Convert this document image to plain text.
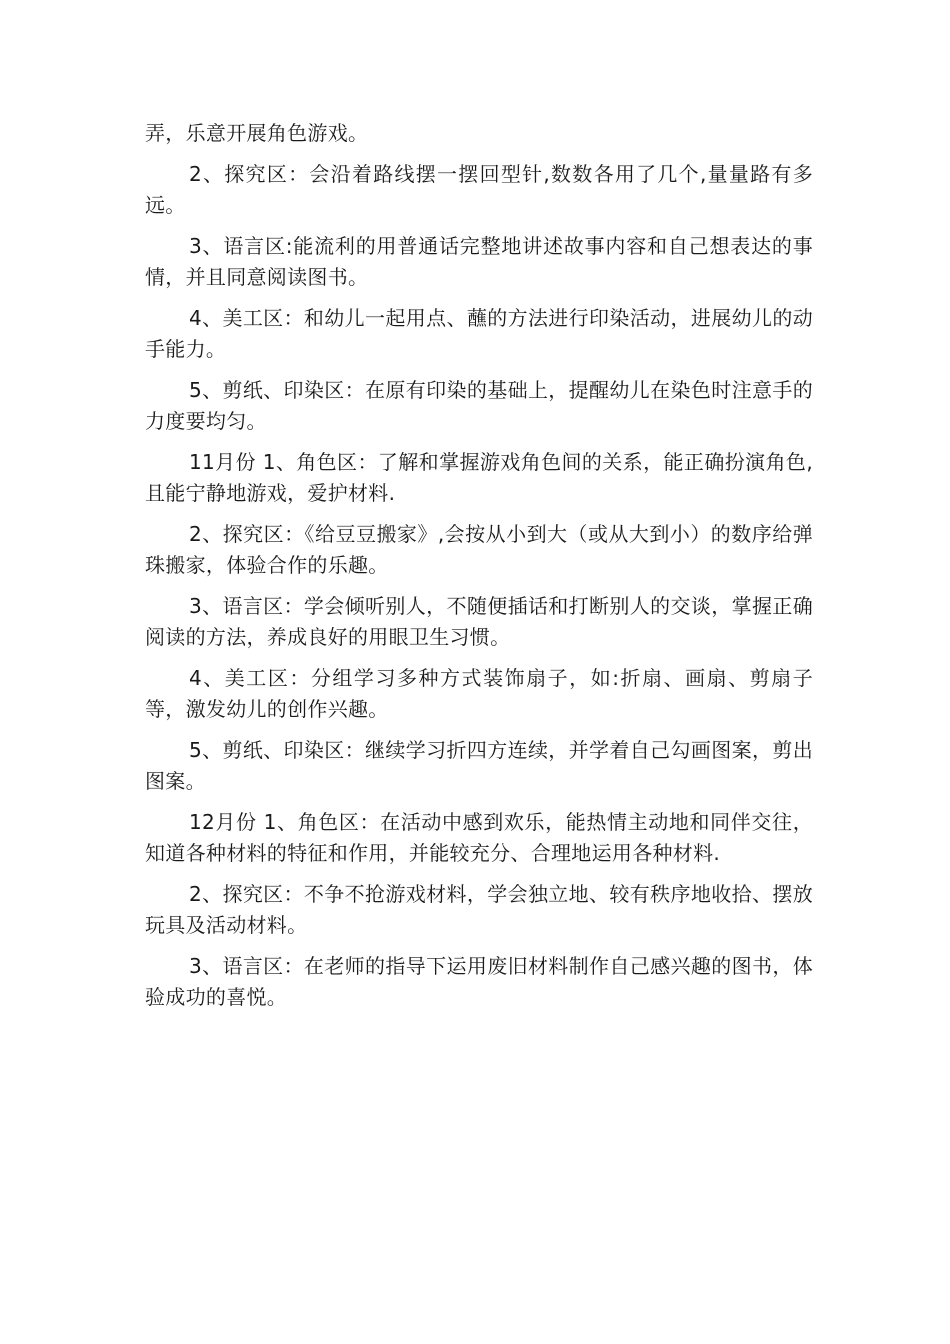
弄，乐意开展角色游戏。

2、探究区：会沿着路线摆一摆回型针,数数各用了几个,量量路有多远。

3、语言区:能流利的用普通话完整地讲述故事内容和自己想表达的事情，并且同意阅读图书。

4、美工区：和幼儿一起用点、蘸的方法进行印染活动，进展幼儿的动手能力。

5、剪纸、印染区：在原有印染的基础上，提醒幼儿在染色时注意手的力度要均匀。

11月份 1、角色区：了解和掌握游戏角色间的关系，能正确扮演角色,且能宁静地游戏，爱护材料.

2、探究区：《给豆豆搬家》,会按从小到大（或从大到小）的数序给弹珠搬家，体验合作的乐趣。

3、语言区：学会倾听别人，不随便插话和打断别人的交谈，掌握正确阅读的方法，养成良好的用眼卫生习惯。

4、美工区：分组学习多种方式装饰扇子，如:折扇、画扇、剪扇子等，激发幼儿的创作兴趣。

5、剪纸、印染区：继续学习折四方连续，并学着自己勾画图案，剪出图案。

12月份 1、角色区：在活动中感到欢乐，能热情主动地和同伴交往，知道各种材料的特征和作用，并能较充分、合理地运用各种材料.

2、探究区：不争不抢游戏材料，学会独立地、较有秩序地收拾、摆放玩具及活动材料。

3、语言区：在老师的指导下运用废旧材料制作自己感兴趣的图书，体验成功的喜悦。
